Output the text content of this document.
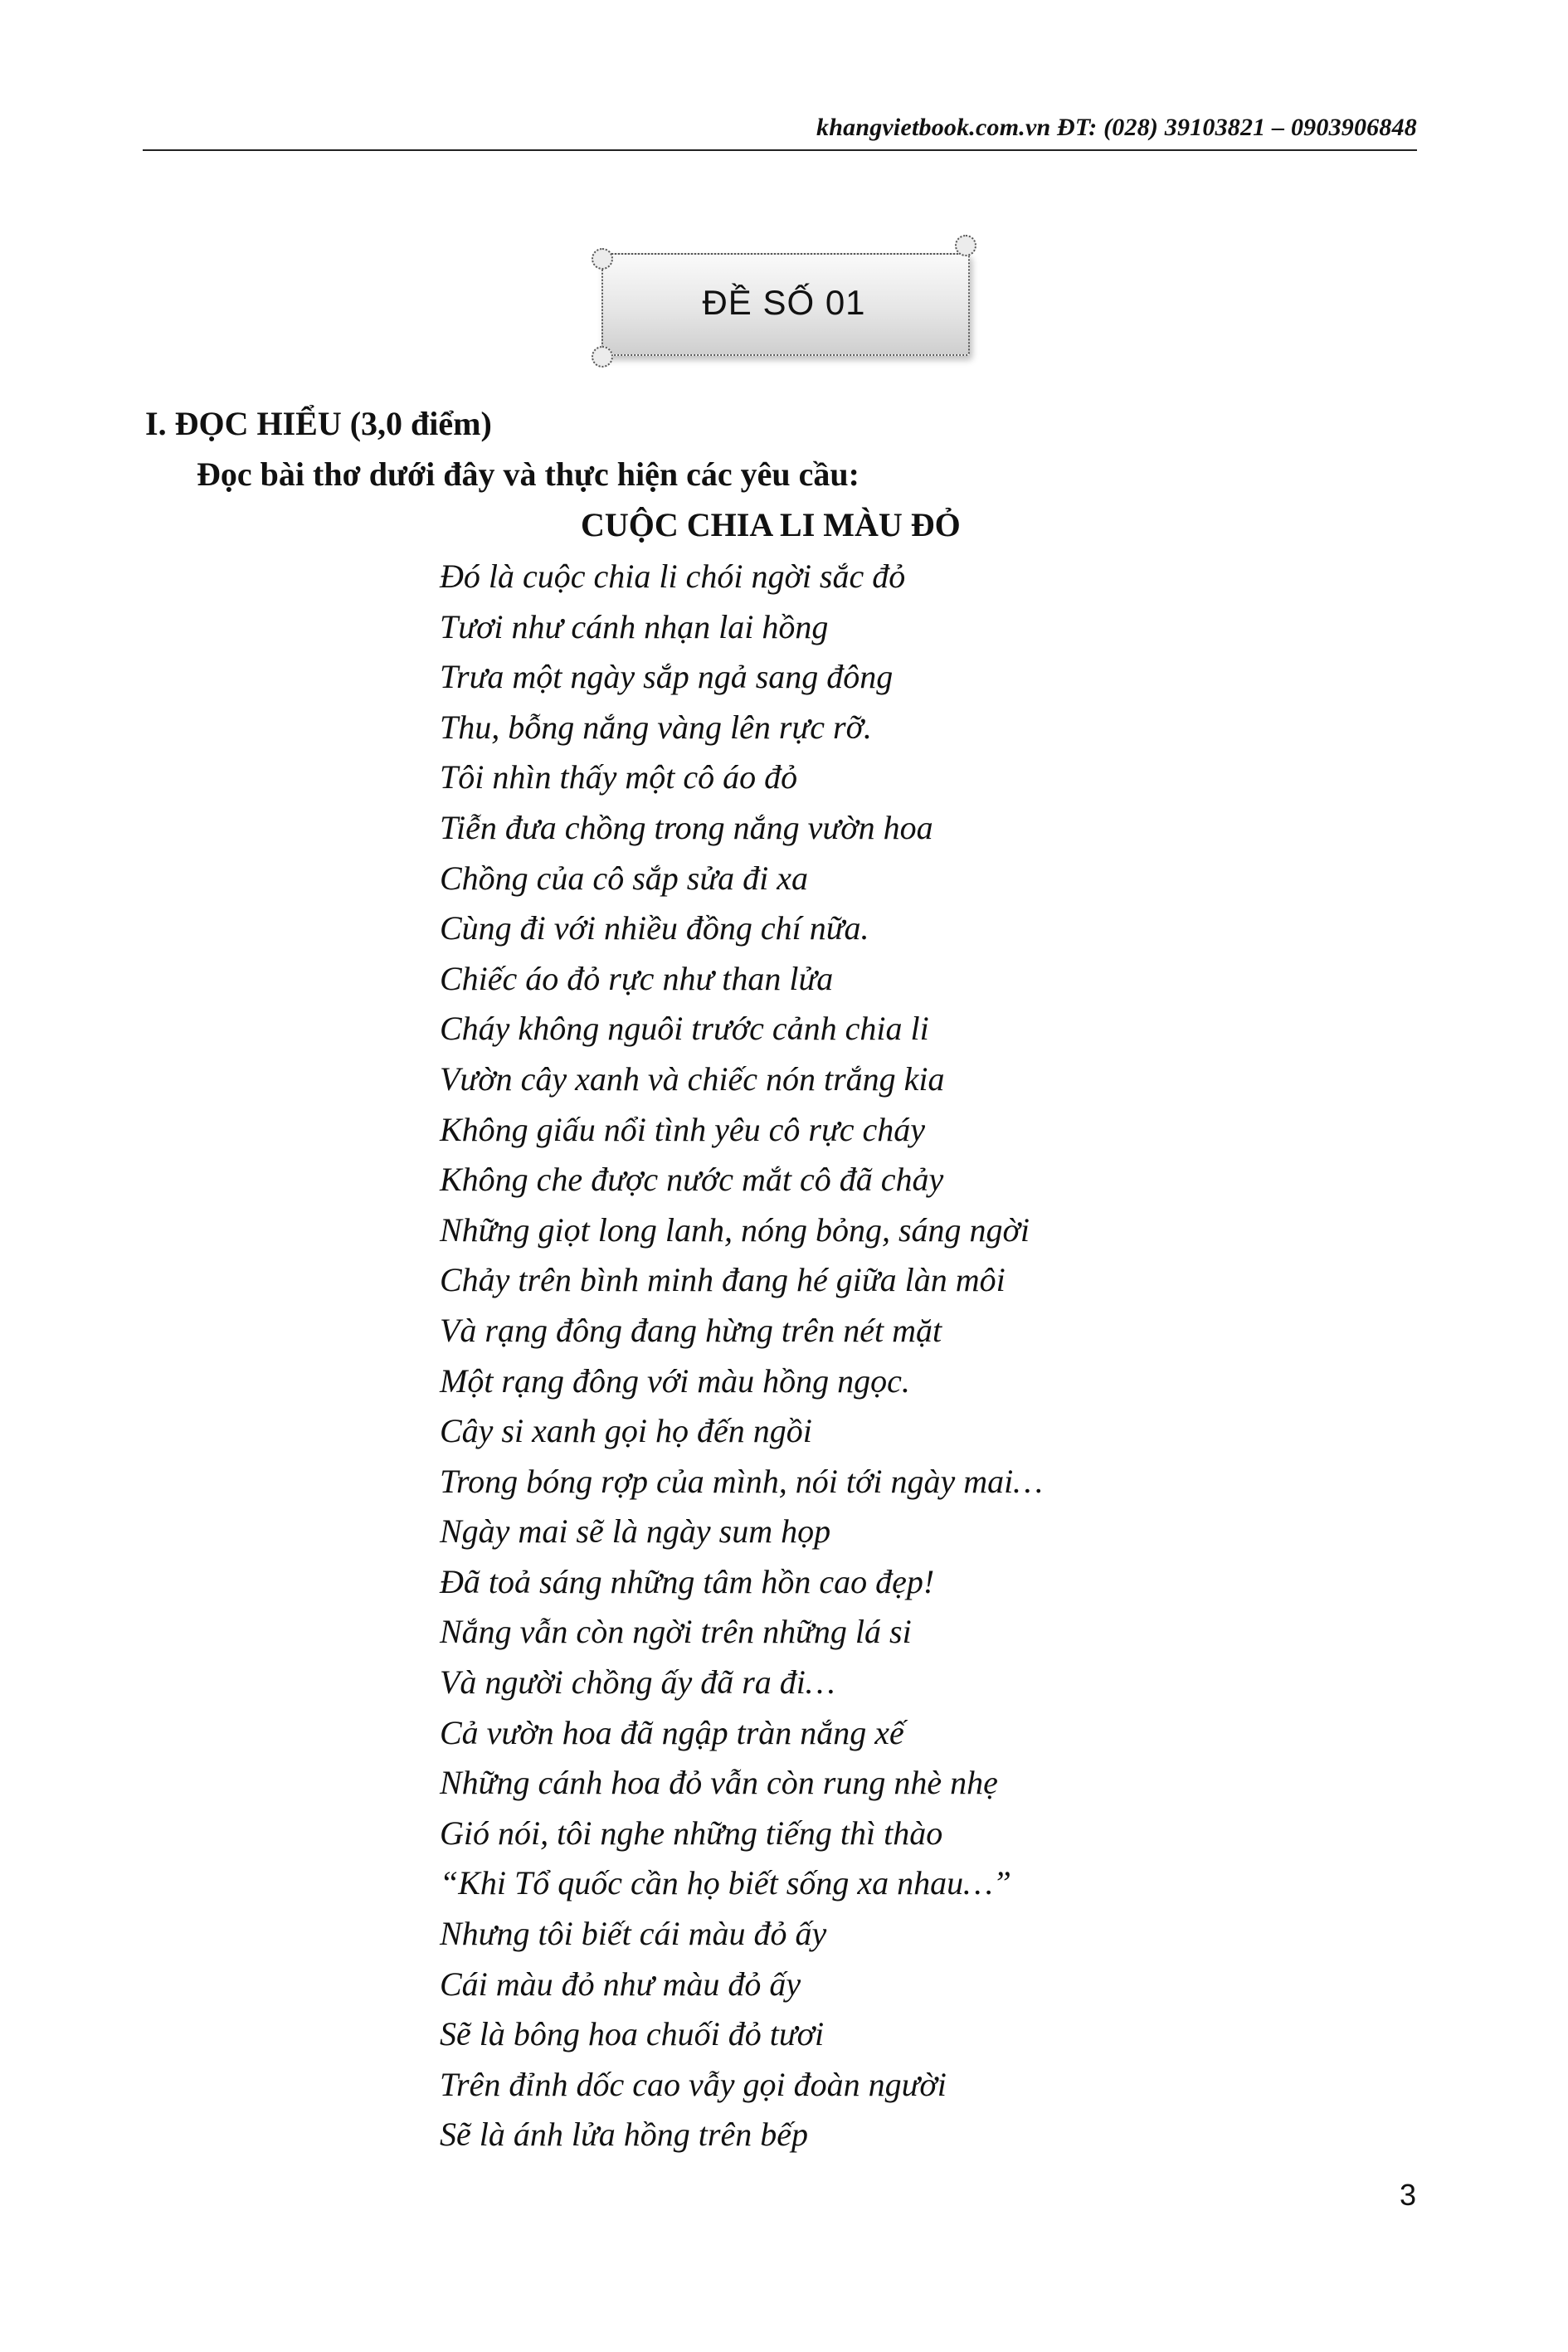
khangvietbook.com.vn ĐT: (028) 39103821 – 0903906848
ĐỀ SỐ 01
I. ĐỌC HIỂU (3,0 điểm)
Đọc bài thơ dưới đây và thực hiện các yêu cầu:
CUỘC CHIA LI MÀU ĐỎ
Đó là cuộc chia li chói ngời sắc đỏ
Tươi như cánh nhạn lai hồng
Trưa một ngày sắp ngả sang đông
Thu, bỗng nắng vàng lên rực rỡ.
Tôi nhìn thấy một cô áo đỏ
Tiễn đưa chồng trong nắng vườn hoa
Chồng của cô sắp sửa đi xa
Cùng đi với nhiều đồng chí nữa.
Chiếc áo đỏ rực như than lửa
Cháy không nguôi trước cảnh chia li
Vườn cây xanh và chiếc nón trắng kia
Không giấu nổi tình yêu cô rực cháy
Không che được nước mắt cô đã chảy
Những giọt long lanh, nóng bỏng, sáng ngời
Chảy trên bình minh đang hé giữa làn môi
Và rạng đông đang hừng trên nét mặt
Một rạng đông với màu hồng ngọc.
Cây si xanh gọi họ đến ngồi
Trong bóng rợp của mình, nói tới ngày mai…
Ngày mai sẽ là ngày sum họp
Đã toả sáng những tâm hồn cao đẹp!
Nắng vẫn còn ngời trên những lá si
Và người chồng ấy đã ra đi…
Cả vườn hoa đã ngập tràn nắng xế
Những cánh hoa đỏ vẫn còn rung nhè nhẹ
Gió nói, tôi nghe những tiếng thì thào
“Khi Tổ quốc cần họ biết sống xa nhau…”
Nhưng tôi biết cái màu đỏ ấy
Cái màu đỏ như màu đỏ ấy
Sẽ là bông hoa chuối đỏ tươi
Trên đỉnh dốc cao vẫy gọi đoàn người
Sẽ là ánh lửa hồng trên bếp
3
